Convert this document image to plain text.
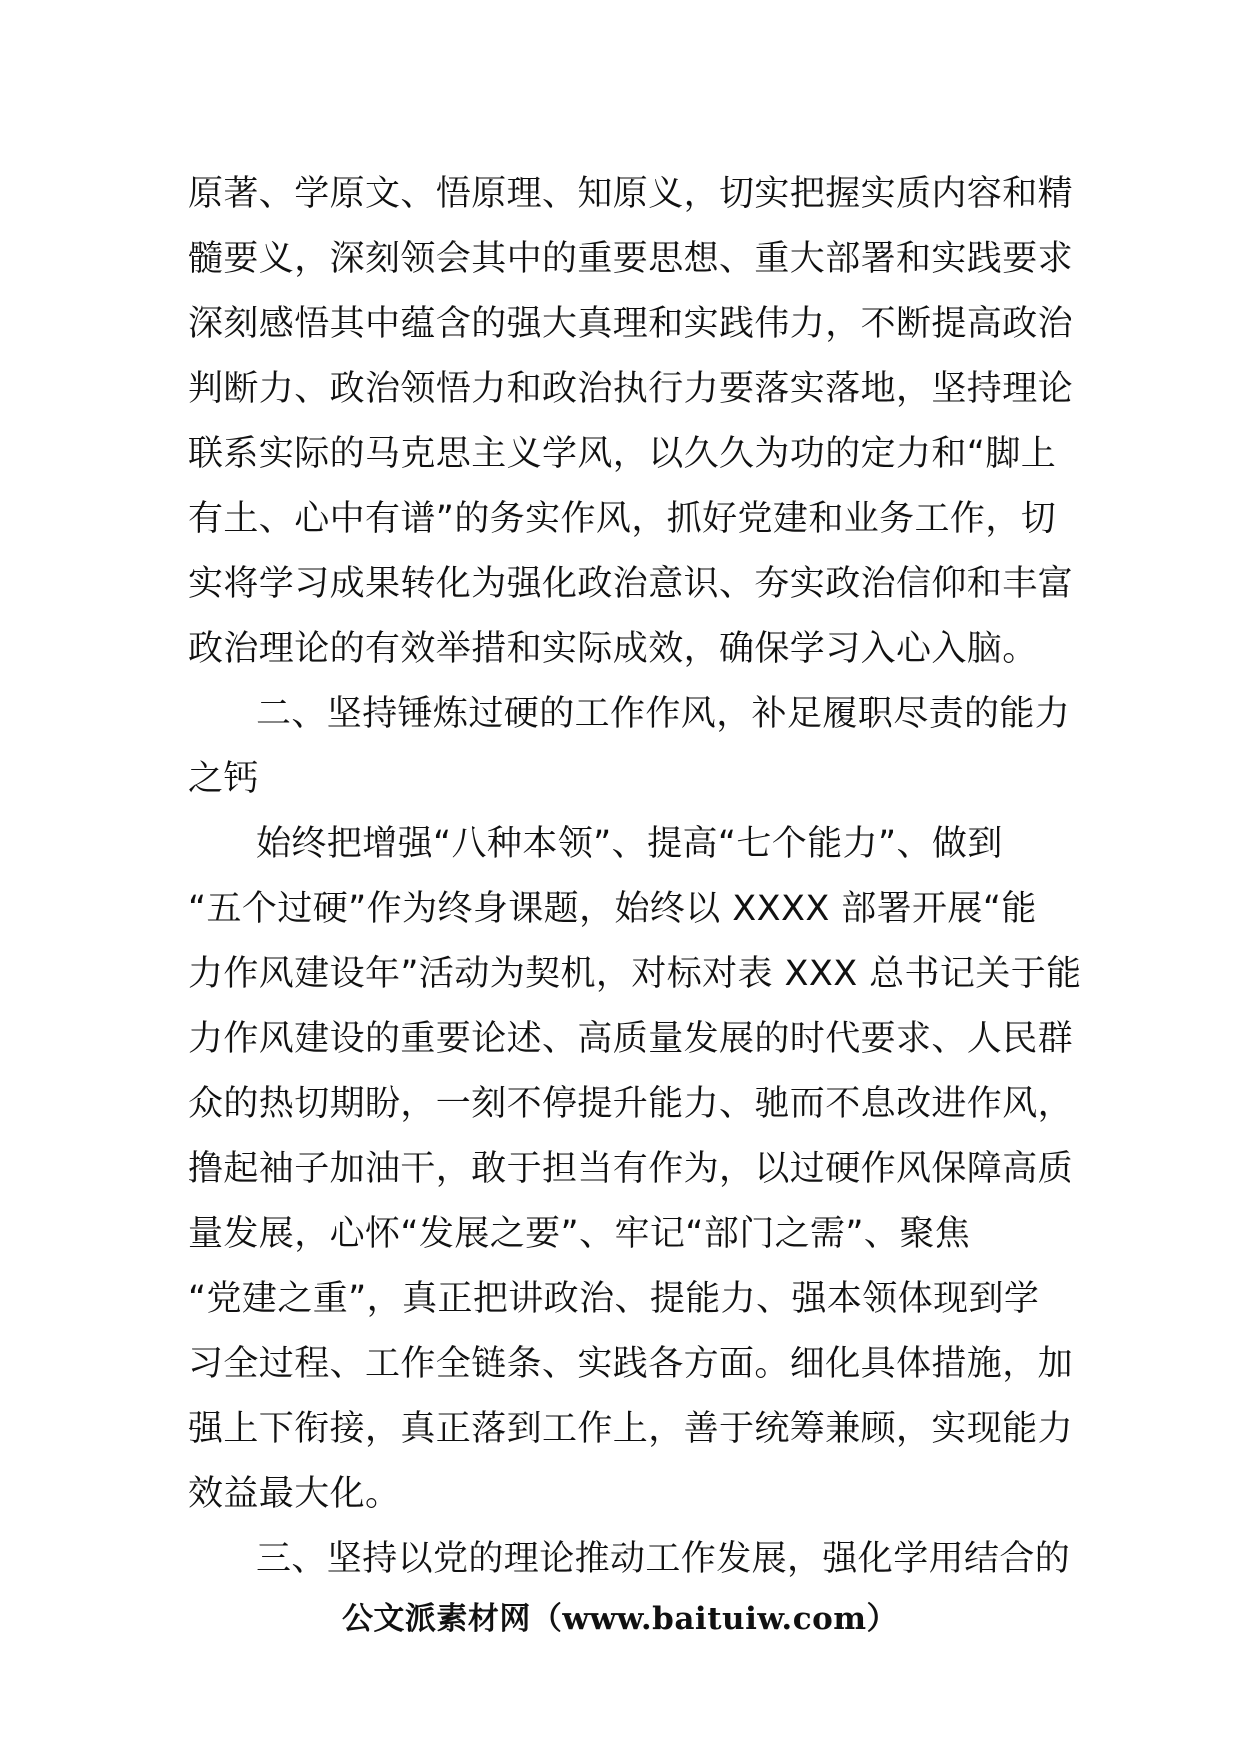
原著、学原文、悟原理、知原义，切实把握实质内容和精
髓要义，深刻领会其中的重要思想、重大部署和实践要求
深刻感悟其中蕴含的强大真理和实践伟力，不断提高政治
判断力、政治领悟力和政治执行力要落实落地，坚持理论
联系实际的马克思主义学风，以久久为功的定力和“脚上
有土、心中有谱”的务实作风，抓好党建和业务工作，切
实将学习成果转化为强化政治意识、夯实政治信仰和丰富
政治理论的有效举措和实际成效，确保学习入心入脑。
二、坚持锤炼过硬的工作作风，补足履职尽责的能力
之钙
始终把增强“八种本领”、提高“七个能力”、做到
“五个过硬”作为终身课题，始终以 XXXX 部署开展“能
力作风建设年”活动为契机，对标对表 XXX 总书记关于能
力作风建设的重要论述、高质量发展的时代要求、人民群
众的热切期盼，一刻不停提升能力、驰而不息改进作风，
撸起袖子加油干，敢于担当有作为，以过硬作风保障高质
量发展，心怀“发展之要”、牢记“部门之需”、聚焦
“党建之重”，真正把讲政治、提能力、强本领体现到学
习全过程、工作全链条、实践各方面。细化具体措施，加
强上下衔接，真正落到工作上，善于统筹兼顾，实现能力
效益最大化。
三、坚持以党的理论推动工作发展，强化学用结合的
公文派素材网（www.baituiw.com）
